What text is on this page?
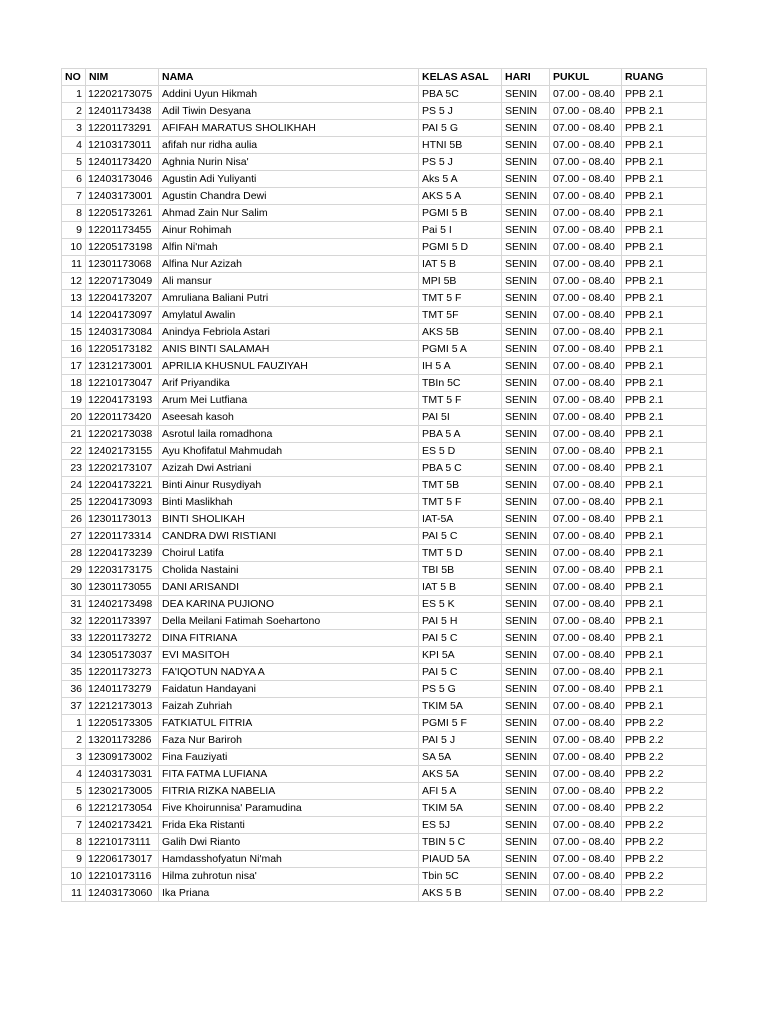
NO	NIM	NAMA	KELAS ASAL	HARI	PUKUL	RUANG
1	12202173075	Addini Uyun Hikmah	PBA 5C	SENIN	07.00 - 08.40	PPB 2.1
2	12401173438	Adil Tiwin Desyana	PS 5 J	SENIN	07.00 - 08.40	PPB 2.1
3	12201173291	AFIFAH MARATUS SHOLIKHAH	PAI 5 G	SENIN	07.00 - 08.40	PPB 2.1
4	12103173011	afifah nur ridha aulia	HTNI 5B	SENIN	07.00 - 08.40	PPB 2.1
5	12401173420	Aghnia Nurin Nisa'	PS 5 J	SENIN	07.00 - 08.40	PPB 2.1
6	12403173046	Agustin Adi Yuliyanti	Aks 5 A	SENIN	07.00 - 08.40	PPB 2.1
7	12403173001	Agustin Chandra Dewi	AKS 5 A	SENIN	07.00 - 08.40	PPB 2.1
8	12205173261	Ahmad Zain Nur Salim	PGMI 5 B	SENIN	07.00 - 08.40	PPB 2.1
9	12201173455	Ainur Rohimah	Pai 5 I	SENIN	07.00 - 08.40	PPB 2.1
10	12205173198	Alfin Ni'mah	PGMI 5 D	SENIN	07.00 - 08.40	PPB 2.1
11	12301173068	Alfina Nur Azizah	IAT 5 B	SENIN	07.00 - 08.40	PPB 2.1
12	12207173049	Ali mansur	MPI 5B	SENIN	07.00 - 08.40	PPB 2.1
13	12204173207	Amruliana Baliani Putri	TMT 5 F	SENIN	07.00 - 08.40	PPB 2.1
14	12204173097	Amylatul Awalin	TMT 5F	SENIN	07.00 - 08.40	PPB 2.1
15	12403173084	Anindya Febriola Astari	AKS 5B	SENIN	07.00 - 08.40	PPB 2.1
16	12205173182	ANIS BINTI SALAMAH	PGMI 5 A	SENIN	07.00 - 08.40	PPB 2.1
17	12312173001	APRILIA KHUSNUL FAUZIYAH	IH 5 A	SENIN	07.00 - 08.40	PPB 2.1
18	12210173047	Arif Priyandika	TBIn 5C	SENIN	07.00 - 08.40	PPB 2.1
19	12204173193	Arum Mei Lutfiana	TMT 5 F	SENIN	07.00 - 08.40	PPB 2.1
20	12201173420	Aseesah kasoh	PAI 5I	SENIN	07.00 - 08.40	PPB 2.1
21	12202173038	Asrotul laila romadhona	PBA 5 A	SENIN	07.00 - 08.40	PPB 2.1
22	12402173155	Ayu Khofifatul Mahmudah	ES 5 D	SENIN	07.00 - 08.40	PPB 2.1
23	12202173107	Azizah Dwi Astriani	PBA 5 C	SENIN	07.00 - 08.40	PPB 2.1
24	12204173221	Binti Ainur Rusydiyah	TMT 5B	SENIN	07.00 - 08.40	PPB 2.1
25	12204173093	Binti Maslikhah	TMT 5 F	SENIN	07.00 - 08.40	PPB 2.1
26	12301173013	BINTI SHOLIKAH	IAT-5A	SENIN	07.00 - 08.40	PPB 2.1
27	12201173314	CANDRA DWI RISTIANI	PAI 5 C	SENIN	07.00 - 08.40	PPB 2.1
28	12204173239	Choirul Latifa	TMT 5 D	SENIN	07.00 - 08.40	PPB 2.1
29	12203173175	Cholida Nastaini	TBI 5B	SENIN	07.00 - 08.40	PPB 2.1
30	12301173055	DANI ARISANDI	IAT 5 B	SENIN	07.00 - 08.40	PPB 2.1
31	12402173498	DEA KARINA PUJIONO	ES 5 K	SENIN	07.00 - 08.40	PPB 2.1
32	12201173397	Della Meilani Fatimah Soehartono	PAI 5 H	SENIN	07.00 - 08.40	PPB 2.1
33	12201173272	DINA FITRIANA	PAI 5 C	SENIN	07.00 - 08.40	PPB 2.1
34	12305173037	EVI MASITOH	KPI 5A	SENIN	07.00 - 08.40	PPB 2.1
35	12201173273	FA'IQOTUN NADYA A	PAI 5 C	SENIN	07.00 - 08.40	PPB 2.1
36	12401173279	Faidatun Handayani	PS 5 G	SENIN	07.00 - 08.40	PPB 2.1
37	12212173013	Faizah Zuhriah	TKIM 5A	SENIN	07.00 - 08.40	PPB 2.1
1	12205173305	FATKIATUL FITRIA	PGMI 5 F	SENIN	07.00 - 08.40	PPB 2.2
2	13201173286	Faza Nur Bariroh	PAI 5 J	SENIN	07.00 - 08.40	PPB 2.2
3	12309173002	Fina Fauziyati	SA 5A	SENIN	07.00 - 08.40	PPB 2.2
4	12403173031	FITA FATMA LUFIANA	AKS 5A	SENIN	07.00 - 08.40	PPB 2.2
5	12302173005	FITRIA RIZKA NABELIA	AFI 5 A	SENIN	07.00 - 08.40	PPB 2.2
6	12212173054	Five Khoirunnisa' Paramudina	TKIM 5A	SENIN	07.00 - 08.40	PPB 2.2
7	12402173421	Frida Eka Ristanti	ES 5J	SENIN	07.00 - 08.40	PPB 2.2
8	12210173111	Galih Dwi Rianto	TBIN 5 C	SENIN	07.00 - 08.40	PPB 2.2
9	12206173017	Hamdasshofyatun Ni'mah	PIAUD 5A	SENIN	07.00 - 08.40	PPB 2.2
10	12210173116	Hilma zuhrotun nisa'	Tbin 5C	SENIN	07.00 - 08.40	PPB 2.2
11	12403173060	Ika Priana	AKS 5 B	SENIN	07.00 - 08.40	PPB 2.2
